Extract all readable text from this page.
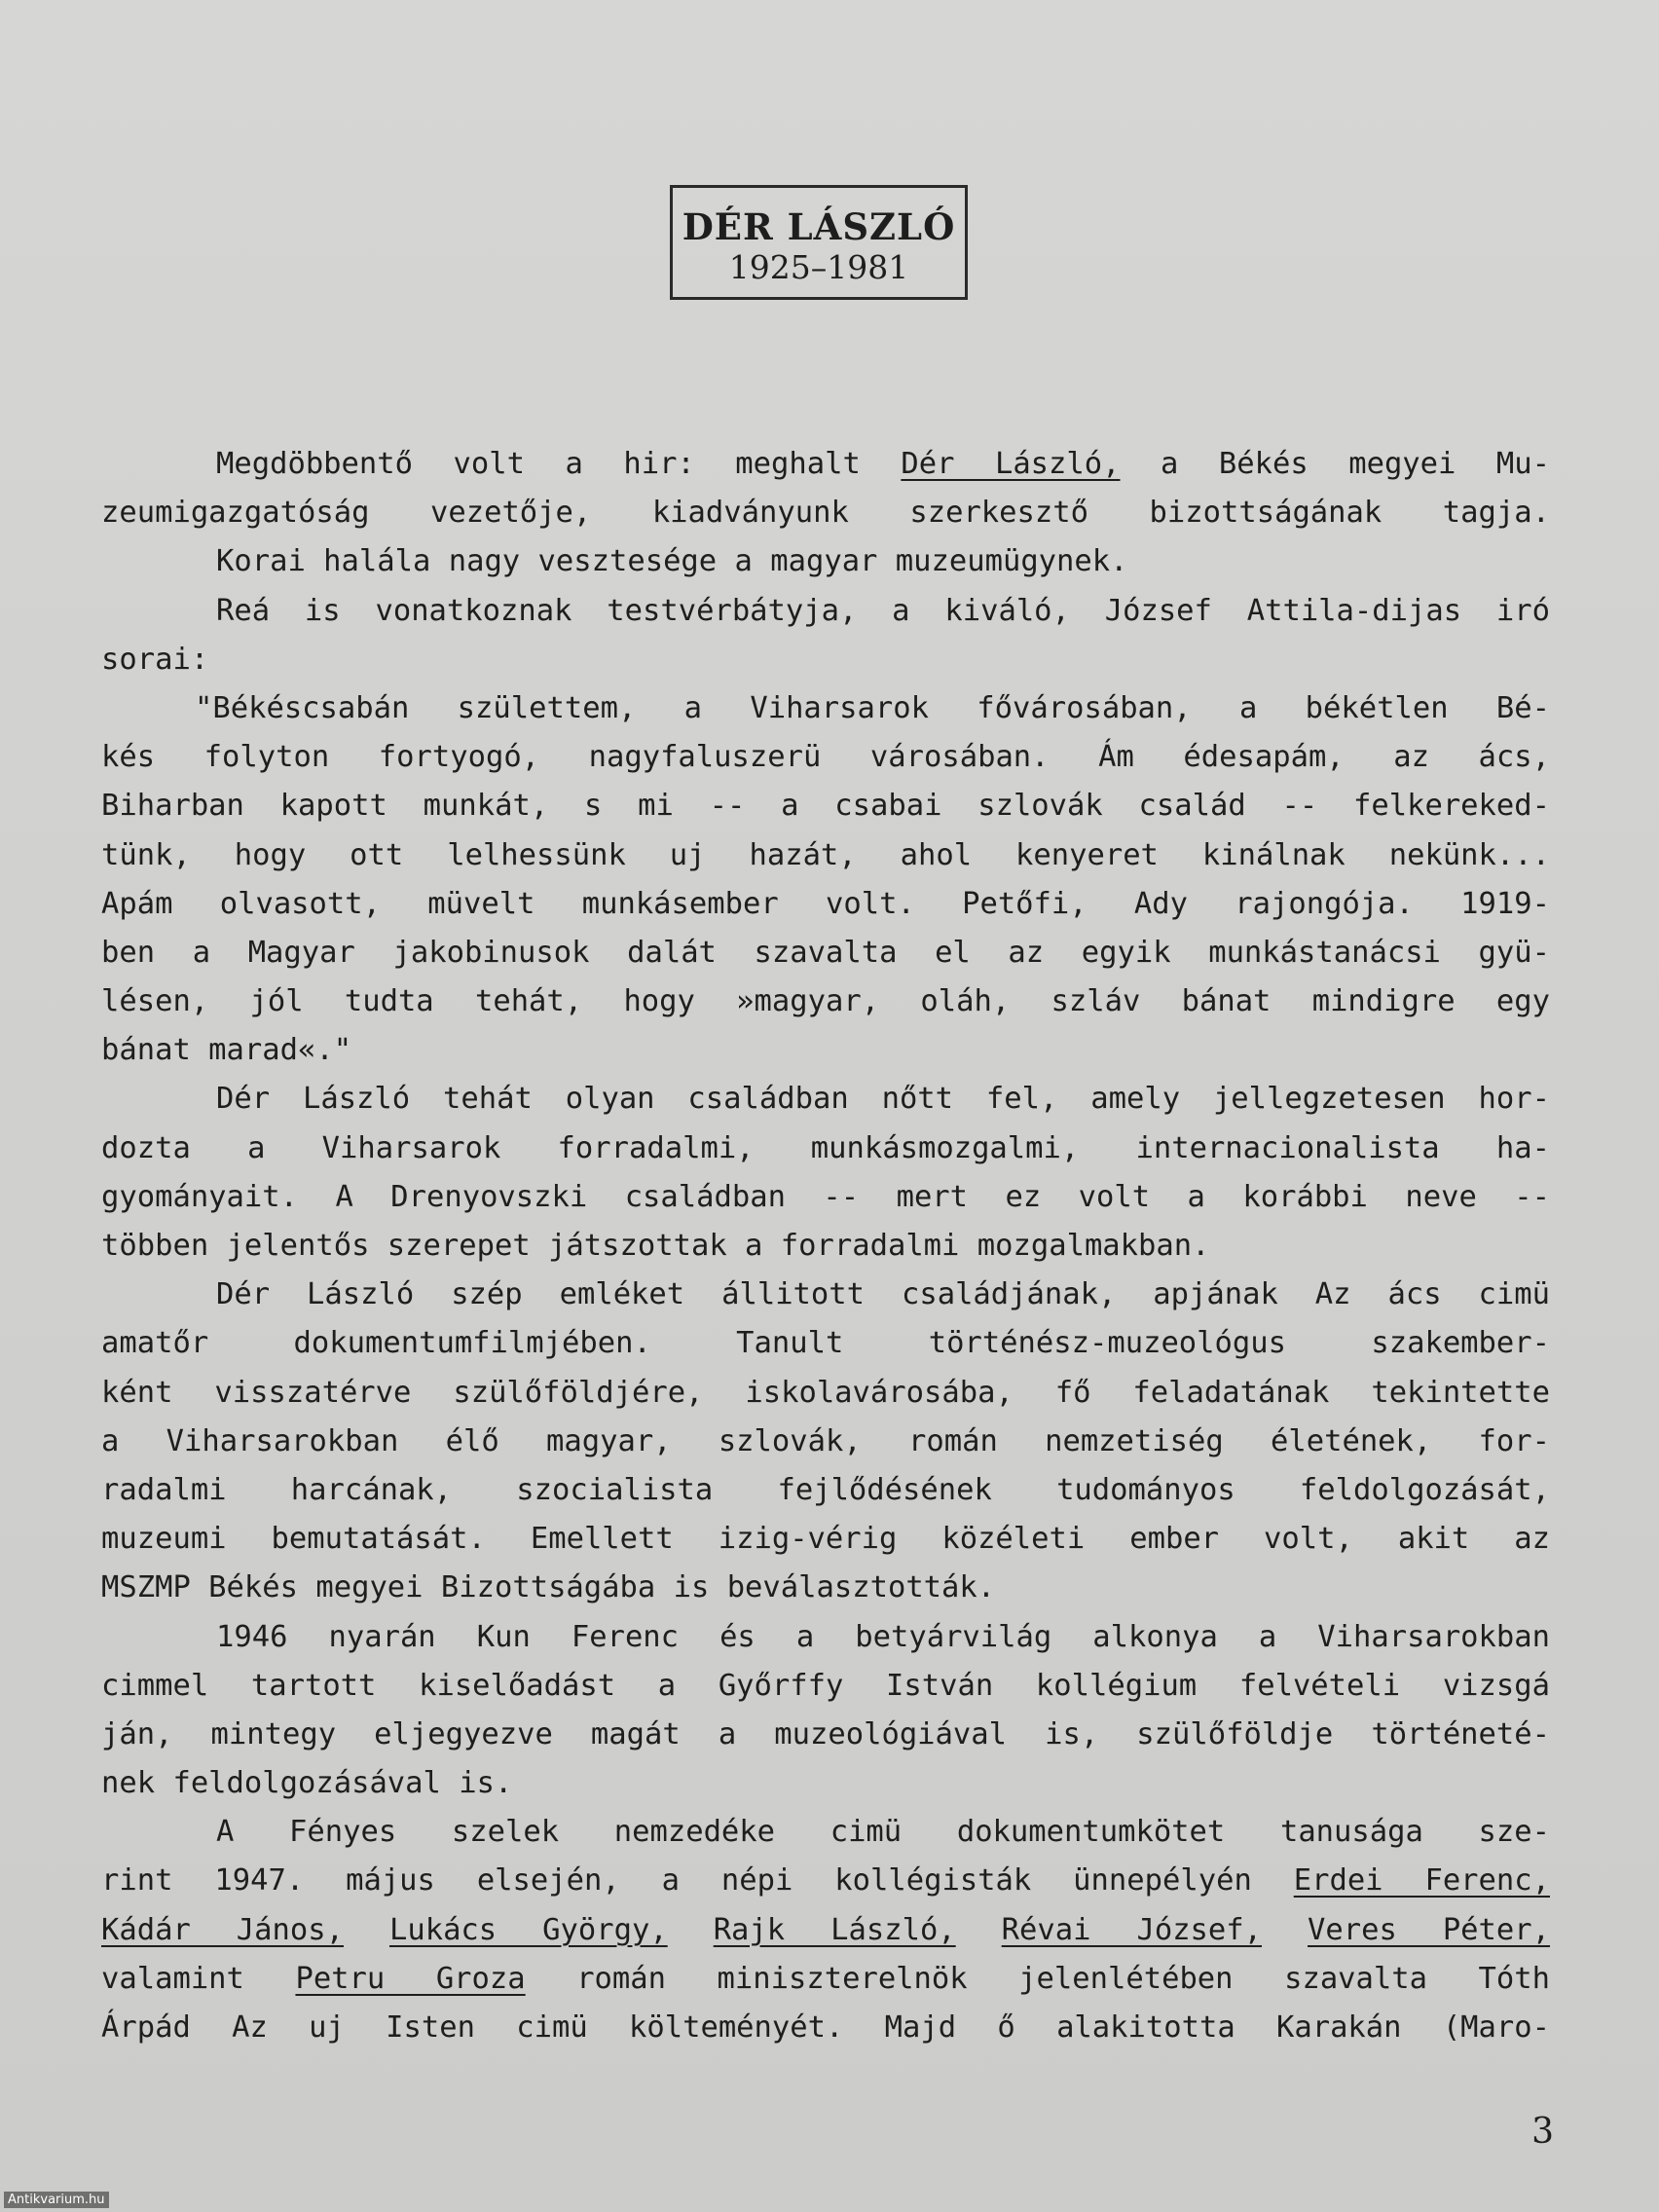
DÉR LÁSZLÓ
1925–1981
Megdöbbentő volt a hir: meghalt Dér László, a Békés megyei Mu-
zeumigazgatóság vezetője, kiadványunk szerkesztő bizottságának tagja.
Korai halála nagy vesztesége a magyar muzeumügynek.
Reá is vonatkoznak testvérbátyja, a kiváló, József Attila-dijas iró
sorai:
"Békéscsabán születtem, a Viharsarok fővárosában, a békétlen Bé-
kés folyton fortyogó, nagyfaluszerü városában. Ám édesapám, az ács,
Biharban kapott munkát, s mi -- a csabai szlovák család -- felkereked-
tünk, hogy ott lelhessünk uj hazát, ahol kenyeret kinálnak nekünk...
Apám olvasott, müvelt munkásember volt. Petőfi, Ady rajongója. 1919-
ben a Magyar jakobinusok dalát szavalta el az egyik munkástanácsi gyü-
lésen, jól tudta tehát, hogy »magyar, oláh, szláv bánat mindigre egy
bánat marad«."
Dér László tehát olyan családban nőtt fel, amely jellegzetesen hor-
dozta a Viharsarok forradalmi, munkásmozgalmi, internacionalista ha-
gyományait. A Drenyovszki családban -- mert ez volt a korábbi neve --
többen jelentős szerepet játszottak a forradalmi mozgalmakban.
Dér László szép emléket állitott családjának, apjának Az ács cimü
amatőr dokumentumfilmjében. Tanult történész-muzeológus szakember-
ként visszatérve szülőföldjére, iskolavárosába, fő feladatának tekintette
a Viharsarokban élő magyar, szlovák, román nemzetiség életének, for-
radalmi harcának, szocialista fejlődésének tudományos feldolgozását,
muzeumi bemutatását. Emellett izig-vérig közéleti ember volt, akit az
MSZMP Békés megyei Bizottságába is beválasztották.
1946 nyarán Kun Ferenc és a betyárvilág alkonya a Viharsarokban
cimmel tartott kiselőadást a Győrffy István kollégium felvételi vizsgá
ján, mintegy eljegyezve magát a muzeológiával is, szülőföldje történeté-
nek feldolgozásával is.
A Fényes szelek nemzedéke cimü dokumentumkötet tanusága sze-
rint 1947. május elsején, a népi kollégisták ünnepélyén Erdei Ferenc,
Kádár János, Lukács György, Rajk László, Révai József, Veres Péter,
valamint Petru Groza román miniszterelnök jelenlétében szavalta Tóth
Árpád Az uj Isten cimü költeményét. Majd ő alakitotta Karakán (Maro-
3
Antikvarium.hu
